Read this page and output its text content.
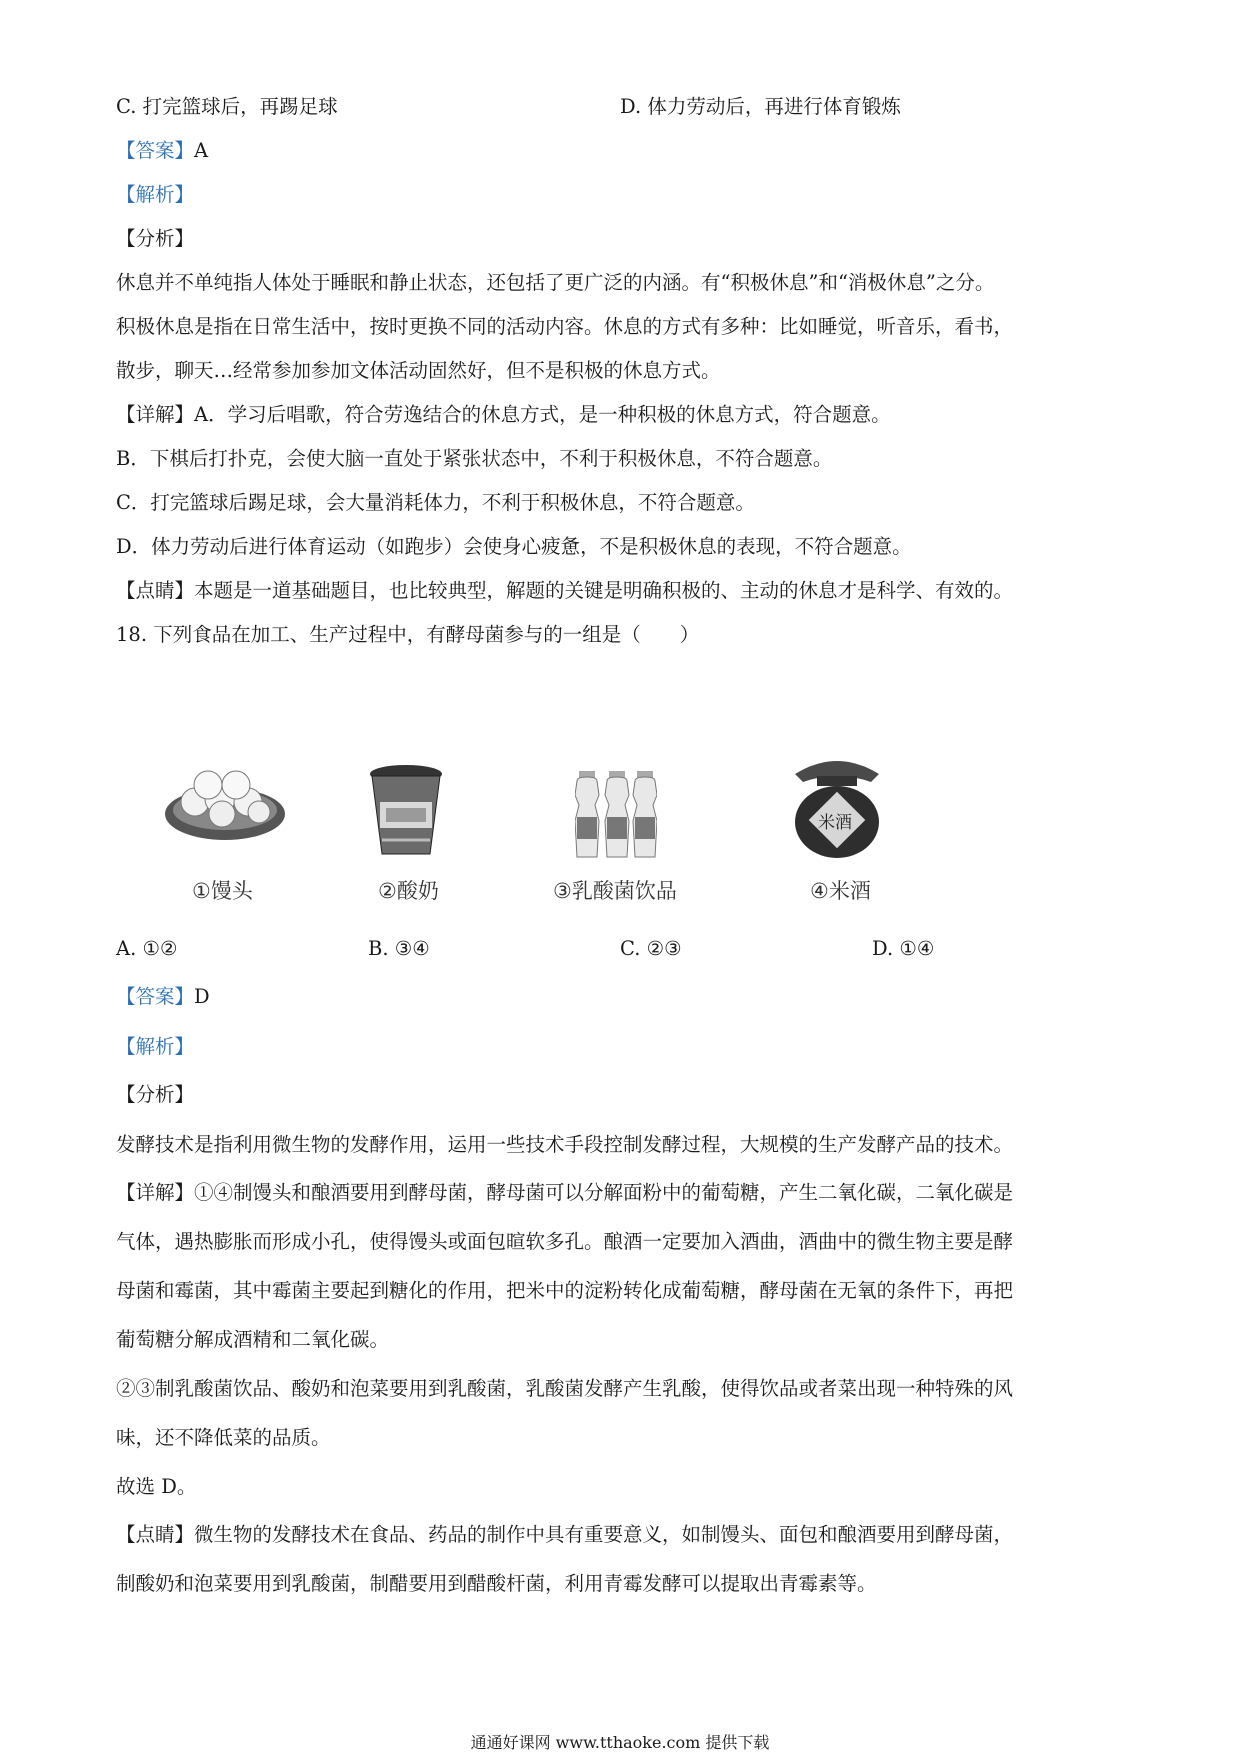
C. 打完篮球后，再踢足球	D. 体力劳动后，再进行体育锻炼
【答案】A
【解析】
【分析】
休息并不单纯指人体处于睡眠和静止状态，还包括了更广泛的内涵。有“积极休息”和“消极休息”之分。
积极休息是指在日常生活中，按时更换不同的活动内容。休息的方式有多种：比如睡觉，听音乐，看书，
散步，聊天…经常参加参加文体活动固然好，但不是积极的休息方式。
【详解】A．学习后唱歌，符合劳逸结合的休息方式，是一种积极的休息方式，符合题意。
B．下棋后打扑克，会使大脑一直处于紧张状态中，不利于积极休息，不符合题意。
C．打完篮球后踢足球，会大量消耗体力，不利于积极休息，不符合题意。
D．体力劳动后进行体育运动（如跑步）会使身心疲惫，不是积极休息的表现，不符合题意。
【点睛】本题是一道基础题目，也比较典型，解题的关键是明确积极的、主动的休息才是科学、有效的。
18. 下列食品在加工、生产过程中，有酵母菌参与的一组是（　　）
①馒头	②酸奶	③乳酸菌饮品
米酒
④米酒
A. ①②	B. ③④	C. ②③	D. ①④
【答案】D
【解析】
【分析】
发酵技术是指利用微生物的发酵作用，运用一些技术手段控制发酵过程，大规模的生产发酵产品的技术。
【详解】①④制馒头和酿酒要用到酵母菌，酵母菌可以分解面粉中的葡萄糖，产生二氧化碳，二氧化碳是
气体，遇热膨胀而形成小孔，使得馒头或面包暄软多孔。酿酒一定要加入酒曲，酒曲中的微生物主要是酵
母菌和霉菌，其中霉菌主要起到糖化的作用，把米中的淀粉转化成葡萄糖，酵母菌在无氧的条件下，再把
葡萄糖分解成酒精和二氧化碳。
②③制乳酸菌饮品、酸奶和泡菜要用到乳酸菌，乳酸菌发酵产生乳酸，使得饮品或者菜出现一种特殊的风
味，还不降低菜的品质。
故选 D。
【点睛】微生物的发酵技术在食品、药品的制作中具有重要意义，如制馒头、面包和酿酒要用到酵母菌，
制酸奶和泡菜要用到乳酸菌，制醋要用到醋酸杆菌，利用青霉发酵可以提取出青霉素等。
通通好课网 www.tthaoke.com 提供下载
